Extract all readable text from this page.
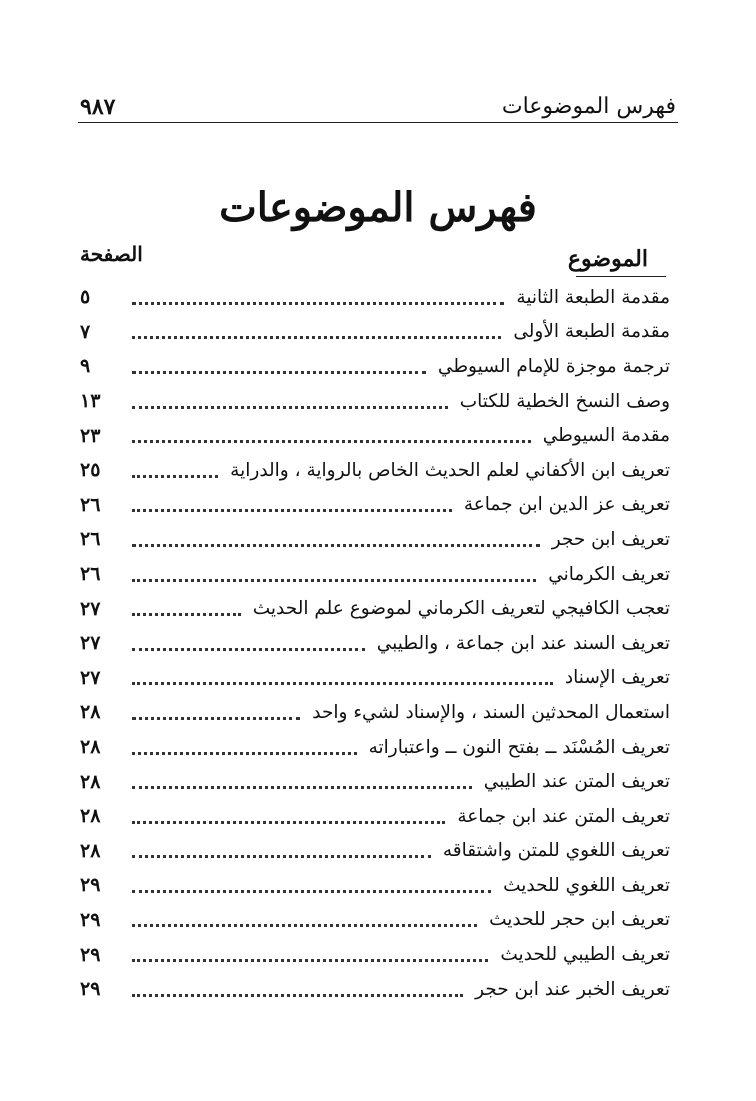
فهرس الموضوعات
٩٨٧
فهرس الموضوعات
الموضوع
الصفحة
مقدمة الطبعة الثانية
٥
مقدمة الطبعة الأولى
٧
ترجمة موجزة للإمام السيوطي
٩
وصف النسخ الخطية للكتاب
١٣
مقدمة السيوطي
٢٣
تعريف ابن الأكفاني لعلم الحديث الخاص بالرواية ، والدراية
٢٥
تعريف عز الدين ابن جماعة
٢٦
تعريف ابن حجر
٢٦
تعريف الكرماني
٢٦
تعجب الكافيجي لتعريف الكرماني لموضوع علم الحديث
٢٧
تعريف السند عند ابن جماعة ، والطيبي
٢٧
تعريف الإسناد
٢٧
استعمال المحدثين السند ، والإسناد لشيء واحد
٢٨
تعريف المُسْنَد ــ بفتح النون ــ واعتباراته
٢٨
تعريف المتن عند الطيبي
٢٨
تعريف المتن عند ابن جماعة
٢٨
تعريف اللغوي للمتن واشتقاقه
٢٨
تعريف اللغوي للحديث
٢٩
تعريف ابن حجر للحديث
٢٩
تعريف الطيبي للحديث
٢٩
تعريف الخبر عند ابن حجر
٢٩
